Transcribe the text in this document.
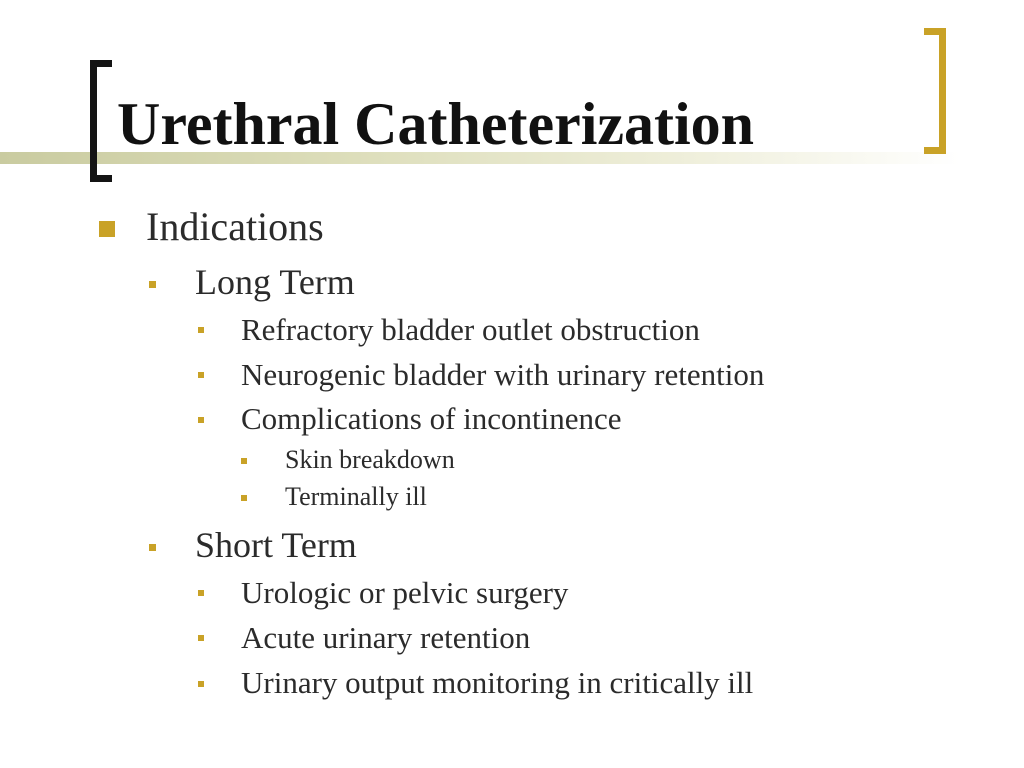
Urethral Catheterization
Indications
Long Term
Refractory bladder outlet obstruction
Neurogenic bladder with urinary retention
Complications of incontinence
Skin breakdown
Terminally ill
Short Term
Urologic or pelvic surgery
Acute urinary retention
Urinary output monitoring in critically ill
